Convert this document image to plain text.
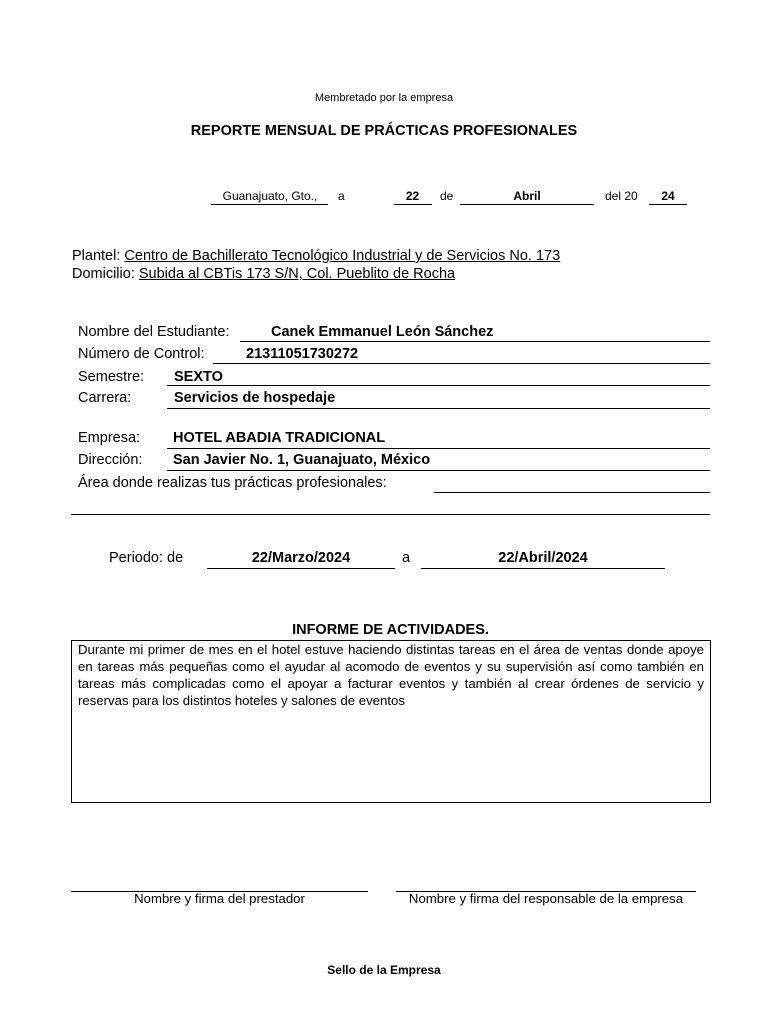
Membretado por la empresa
REPORTE MENSUAL DE PRÁCTICAS PROFESIONALES
Guanajuato, Gto.,	a	22	de	Abril	del 20	24
Plantel: Centro de Bachillerato Tecnológico Industrial y de Servicios No. 173
Domicilio: Subida al CBTis 173 S/N, Col. Pueblito de Rocha
Nombre del Estudiante:	Canek Emmanuel León Sánchez
Número de Control:	21311051730272
Semestre: SEXTO
Carrera:	Servicios de hospedaje
Empresa: HOTEL ABADIA TRADICIONAL
Dirección: San Javier No. 1, Guanajuato, México
Área donde realizas tus prácticas profesionales:
Periodo: de	22/Marzo/2024	a	22/Abril/2024
INFORME DE ACTIVIDADES.
Durante mi primer de mes en el hotel estuve haciendo distintas tareas en el área de ventas donde apoye en tareas más pequeñas como el ayudar al acomodo de eventos y su supervisión así como también en tareas más complicadas como el apoyar a facturar eventos y también al crear órdenes de servicio y reservas para los distintos hoteles y salones de eventos
Nombre y firma del prestador	Nombre y firma del responsable de la empresa
Sello de la Empresa
